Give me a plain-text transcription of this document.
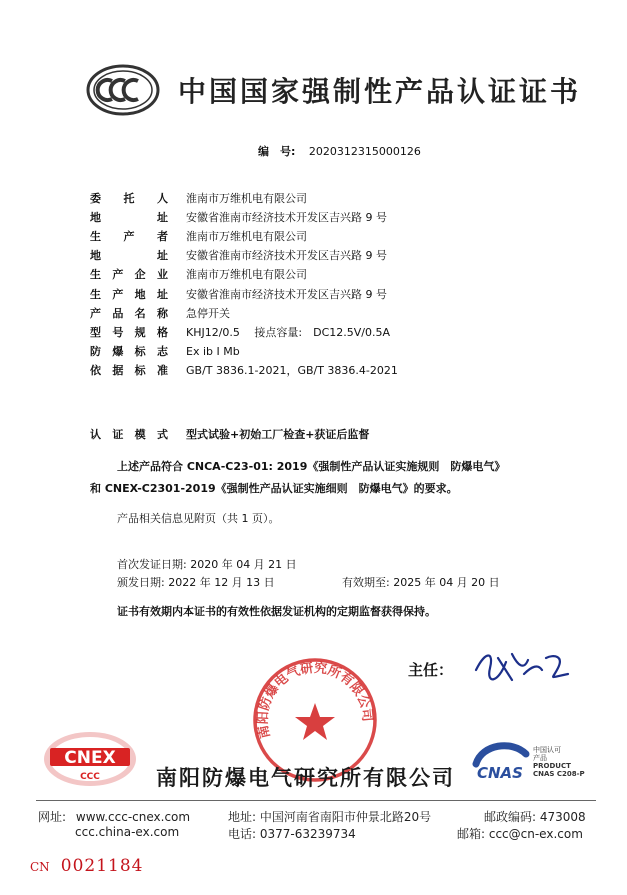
中国国家强制性产品认证证书
编　号: 2020312315000126
委 托 人 淮南市万维机电有限公司
地	址 安徽省淮南市经济技术开发区吉兴路 9 号
生 产 者 淮南市万维机电有限公司
地	址 安徽省淮南市经济技术开发区吉兴路 9 号
生 产 企 业 淮南市万维机电有限公司
生 产 地 址 安徽省淮南市经济技术开发区吉兴路 9 号
产 品 名 称 急停开关
型 号 规 格 KHJ12/0.5　 接点容量:　DC12.5V/0.5A
防 爆 标 志 Ex ib Ⅰ Mb
依 据 标 准 GB/T 3836.1-2021，GB/T 3836.4-2021
认 证 模 式 型式试验+初始工厂检查+获证后监督
上述产品符合 CNCA-C23-01: 2019《强制性产品认证实施规则　防爆电气》
和 CNEX-C2301-2019《强制性产品认证实施细则　防爆电气》的要求。
产品相关信息见附页（共 1 页）。
首次发证日期: 2020 年 04 月 21 日
颁发日期: 2022 年 12 月 13 日	有效期至: 2025 年 04 月 20 日
证书有效期内本证书的有效性依据发证机构的定期监督获得保持。
南阳防爆电气研究所有限公司
主任：
CNEX
CCC	南阳防爆电气研究所有限公司 CNAS
中国认可
产品
PRODUCT
CNAS C208-P
网址: www.ccc-cnex.com
ccc.china-ex.com
地址: 中国河南省南阳市仲景北路20号
电话: 0377-63239734
邮政编码: 473008
邮箱: ccc@cn-ex.com
CN 0021184
